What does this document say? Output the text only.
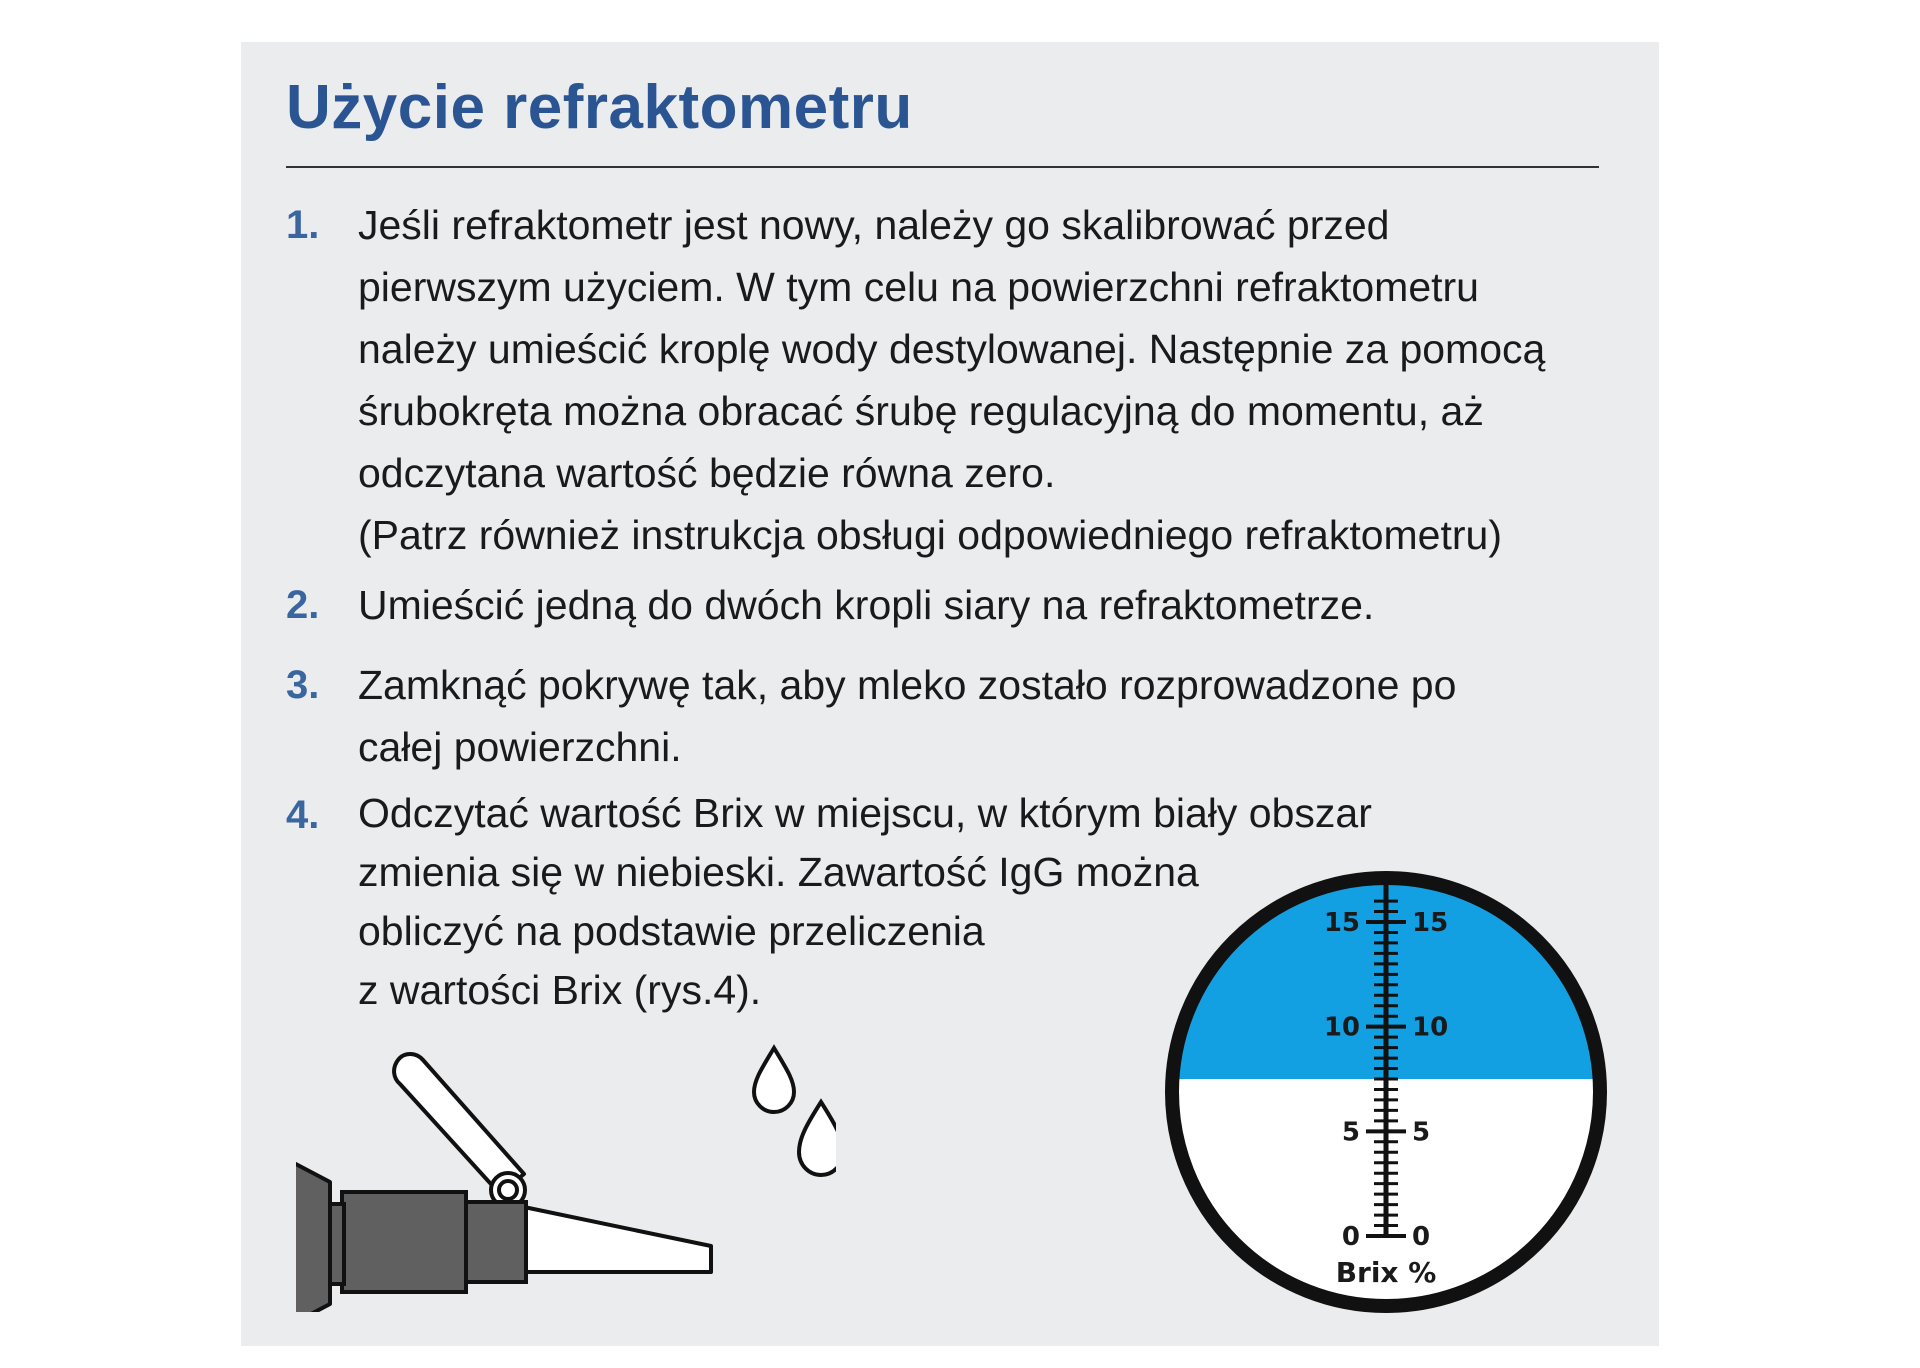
Użycie refraktometru
1. Jeśli refraktometr jest nowy, należy go skalibrować przed
pierwszym użyciem. W tym celu na powierzchni refraktometru
należy umieścić kroplę wody destylowanej. Następnie za pomocą
śrubokręta można obracać śrubę regulacyjną do momentu, aż
odczytana wartość będzie równa zero.
(Patrz również instrukcja obsługi odpowiedniego refraktometru)
2. Umieścić jedną do dwóch kropli siary na refraktometrze.
3. Zamknąć pokrywę tak, aby mleko zostało rozprowadzone po
całej powierzchni.
4. Odczytać wartość Brix w miejscu, w którym biały obszar
zmienia się w niebieski. Zawartość IgG można
obliczyć na podstawie przeliczenia
z wartości Brix (rys.4).
15 15
10 10
5 5
0 0
Brix %
